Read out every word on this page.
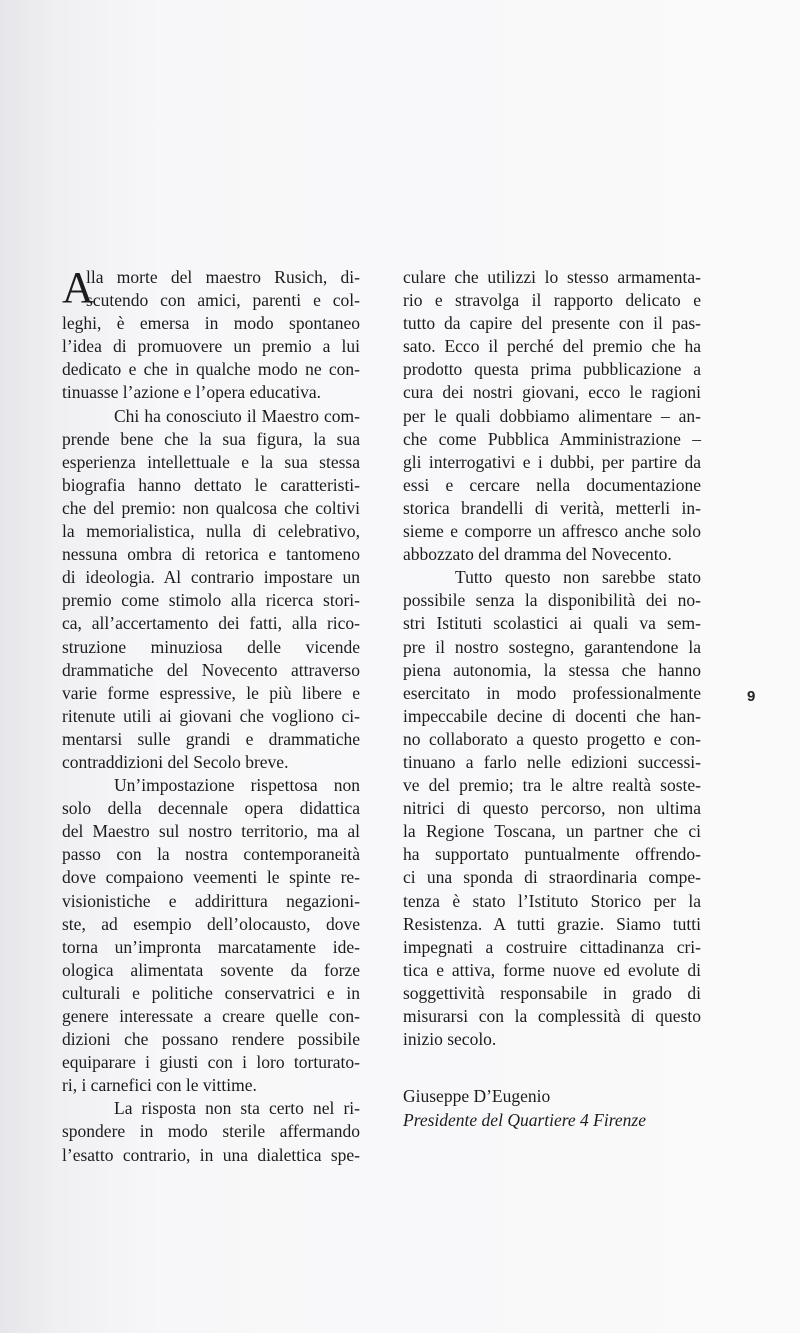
A
lla morte del maestro Rusich, di-
scutendo con amici, parenti e col-
leghi, è emersa in modo spontaneo
l’idea di promuovere un premio a lui
dedicato e che in qualche modo ne con-
tinuasse l’azione e l’opera educativa.
Chi ha conosciuto il Maestro com-
prende bene che la sua figura, la sua
esperienza intellettuale e la sua stessa
biografia hanno dettato le caratteristi-
che del premio: non qualcosa che coltivi
la memorialistica, nulla di celebrativo,
nessuna ombra di retorica e tantomeno
di ideologia. Al contrario impostare un
premio come stimolo alla ricerca stori-
ca, all’accertamento dei fatti, alla rico-
struzione minuziosa delle vicende
drammatiche del Novecento attraverso
varie forme espressive, le più libere e
ritenute utili ai giovani che vogliono ci-
mentarsi sulle grandi e drammatiche
contraddizioni del Secolo breve.
Un’impostazione rispettosa non
solo della decennale opera didattica
del Maestro sul nostro territorio, ma al
passo con la nostra contemporaneità
dove compaiono veementi le spinte re-
visionistiche e addirittura negazioni-
ste, ad esempio dell’olocausto, dove
torna un’impronta marcatamente ide-
ologica alimentata sovente da forze
culturali e politiche conservatrici e in
genere interessate a creare quelle con-
dizioni che possano rendere possibile
equiparare i giusti con i loro torturato-
ri, i carnefici con le vittime.
La risposta non sta certo nel ri-
spondere in modo sterile affermando
l’esatto contrario, in una dialettica spe-
culare che utilizzi lo stesso armamenta-
rio e stravolga il rapporto delicato e
tutto da capire del presente con il pas-
sato. Ecco il perché del premio che ha
prodotto questa prima pubblicazione a
cura dei nostri giovani, ecco le ragioni
per le quali dobbiamo alimentare – an-
che come Pubblica Amministrazione –
gli interrogativi e i dubbi, per partire da
essi e cercare nella documentazione
storica brandelli di verità, metterli in-
sieme e comporre un affresco anche solo
abbozzato del dramma del Novecento.
Tutto questo non sarebbe stato
possibile senza la disponibilità dei no-
stri Istituti scolastici ai quali va sem-
pre il nostro sostegno, garantendone la
piena autonomia, la stessa che hanno
esercitato in modo professionalmente
impeccabile decine di docenti che han-
no collaborato a questo progetto e con-
tinuano a farlo nelle edizioni successi-
ve del premio; tra le altre realtà soste-
nitrici di questo percorso, non ultima
la Regione Toscana, un partner che ci
ha supportato puntualmente offrendo-
ci una sponda di straordinaria compe-
tenza è stato l’Istituto Storico per la
Resistenza. A tutti grazie. Siamo tutti
impegnati a costruire cittadinanza cri-
tica e attiva, forme nuove ed evolute di
soggettività responsabile in grado di
misurarsi con la complessità di questo
inizio secolo.
9
Giuseppe D’Eugenio
Presidente del Quartiere 4 Firenze
